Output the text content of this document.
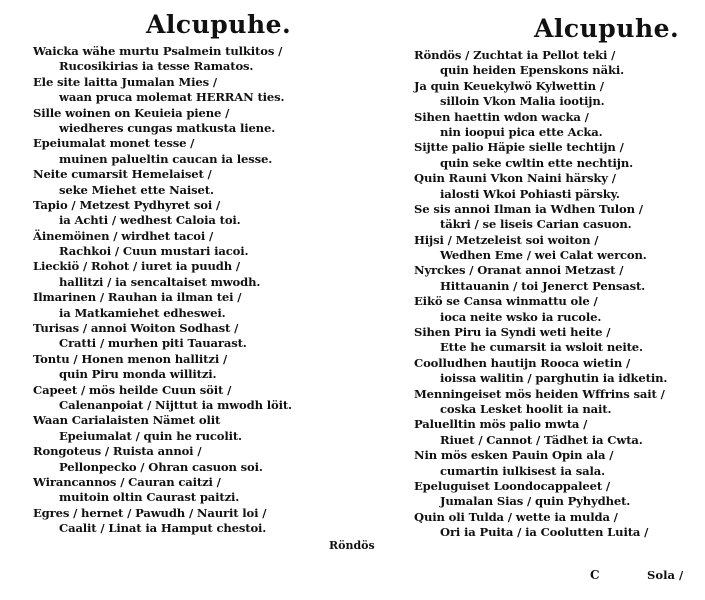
Alcupuhe.
Waicka wähe murtu Psalmein tulkitos /
Rucosikirias ia tesse Ramatos.
Ele site laitta Jumalan Mies /
waan pruca molemat HERRAN ties.
Sille woinen on Keuieia piene /
wiedheres cungas matkusta liene.
Epeiumalat monet tesse /
muinen palueltin caucan ia lesse.
Neite cumarsit Hemelaiset /
seke Miehet ette Naiset.
Tapio / Metzest Pydhyret soi /
ia Achti / wedhest Caloia toi.
Äinemöinen / wirdhet tacoi /
Rachkoi / Cuun mustari iacoi.
Lieckiö / Rohot / iuret ia puudh /
hallitzi / ia sencaltaiset mwodh.
Ilmarinen / Rauhan ia ilman tei /
ia Matkamiehet edheswei.
Turisas / annoi Woiton Sodhast /
Cratti / murhen piti Tauarast.
Tontu / Honen menon hallitzi /
quin Piru monda willitzi.
Capeet / mös heilde Cuun söit /
Calenanpoiat / Nijttut ia mwodh löit.
Waan Carialaisten Nämet olit
Epeiumalat / quin he rucolit.
Rongoteus / Ruista annoi /
Pellonpecko / Ohran casuon soi.
Wirancannos / Cauran caitzi /
muitoin oltin Caurast paitzi.
Egres / hernet / Pawudh / Naurit loi /
Caalit / Linat ia Hamput chestoi.
Röndös
Alcupuhe.
Röndös / Zuchtat ia Pellot teki /
quin heiden Epenskons näki.
Ja quin Keuekylwö Kylwettin /
silloin Vkon Malia iootijn.
Sihen haettin wdon wacka /
nin ioopui pica ette Acka.
Sijtte palio Häpie sielle techtijn /
quin seke cwltin ette nechtijn.
Quin Rauni Vkon Naini härsky /
ialosti Wkoi Pohiasti pärsky.
Se sis annoi Ilman ia Wdhen Tulon /
täkri / se liseis Carian casuon.
Hijsi / Metzeleist soi woiton /
Wedhen Eme / wei Calat wercon.
Nyrckes / Oranat annoi Metzast /
Hittauanin / toi Jenerct Pensast.
Eikö se Cansa winmattu ole /
ioca neite wsko ia rucole.
Sihen Piru ia Syndi weti heite /
Ette he cumarsit ia wsloit neite.
Coolludhen hautijn Rooca wietin /
ioissa walitin / parghutin ia idketin.
Menningeiset mös heiden Wffrins sait /
coska Lesket hoolit ia nait.
Paluelltin mös palio mwta /
Riuet / Cannot / Tädhet ia Cwta.
Nin mös esken Pauin Opin ala /
cumartin iulkisest ia sala.
Epeluguiset Loondocappaleet /
Jumalan Sias / quin Pyhydhet.
Quin oli Tulda / wette ia mulda /
Ori ia Puita / ia Coolutten Luita /
C	Sola /
